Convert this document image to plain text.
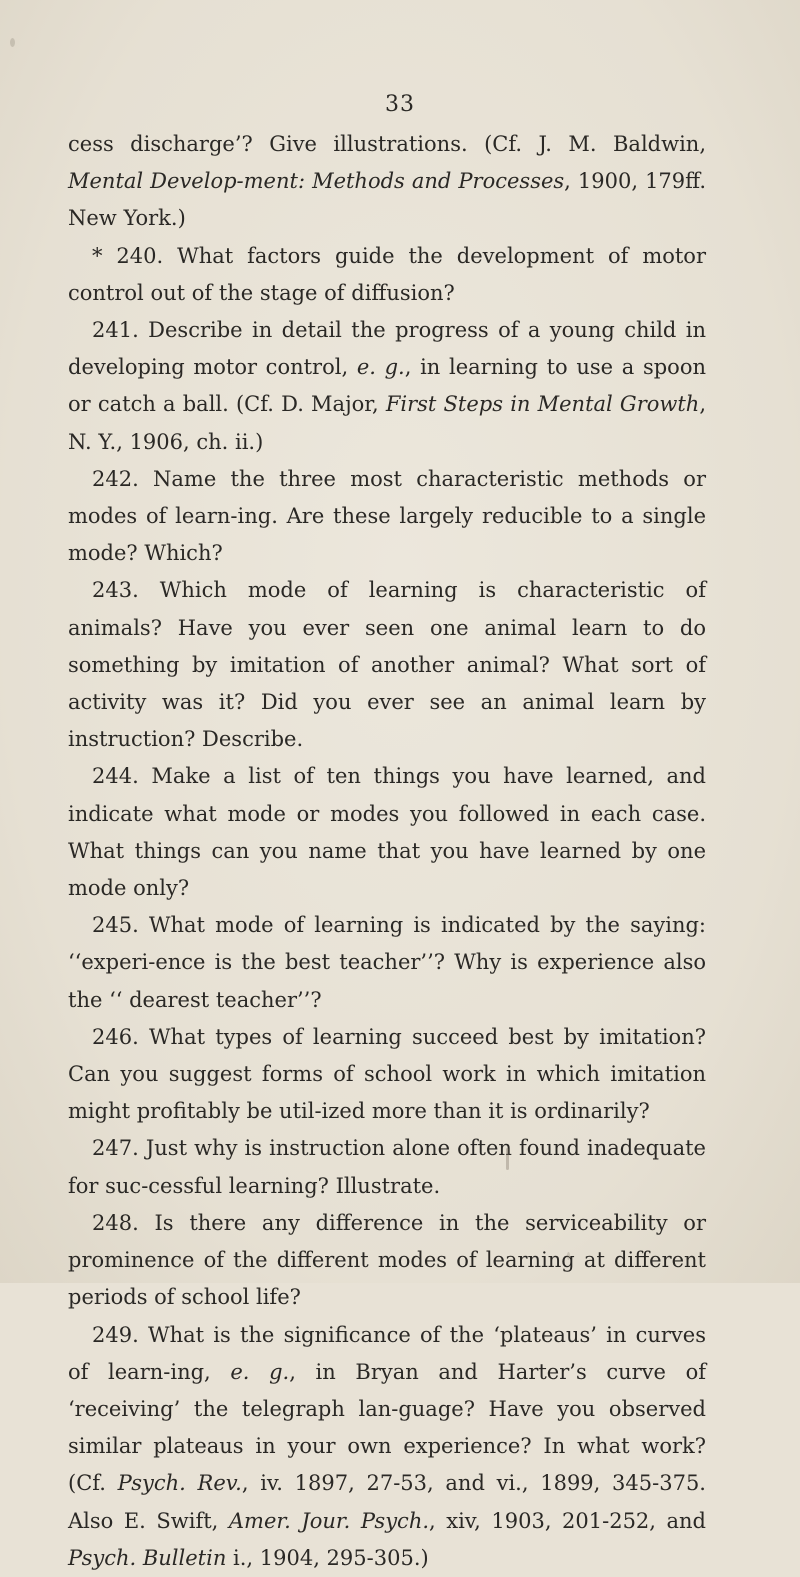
33

cess discharge’? Give illustrations. (Cf. J. M. Baldwin, Mental Develop-ment: Methods and Processes, 1900, 179ff. New York.)

* 240. What factors guide the development of motor control out of the stage of diffusion?

241. Describe in detail the progress of a young child in developing motor control, e. g., in learning to use a spoon or catch a ball. (Cf. D. Major, First Steps in Mental Growth, N. Y., 1906, ch. ii.)

242. Name the three most characteristic methods or modes of learn-ing. Are these largely reducible to a single mode? Which?

243. Which mode of learning is characteristic of animals? Have you ever seen one animal learn to do something by imitation of another animal? What sort of activity was it? Did you ever see an animal learn by instruction? Describe.

244. Make a list of ten things you have learned, and indicate what mode or modes you followed in each case. What things can you name that you have learned by one mode only?

245. What mode of learning is indicated by the saying: ‘‘experi-ence is the best teacher’’? Why is experience also the ‘‘ dearest teacher’’?

246. What types of learning succeed best by imitation? Can you suggest forms of school work in which imitation might profitably be util-ized more than it is ordinarily?

247. Just why is instruction alone often found inadequate for suc-cessful learning? Illustrate.

248. Is there any difference in the serviceability or prominence of the different modes of learning at different periods of school life?

249. What is the significance of the ‘plateaus’ in curves of learn-ing, e. g., in Bryan and Harter’s curve of ‘receiving’ the telegraph lan-guage? Have you observed similar plateaus in your own experience? In what work? (Cf. Psych. Rev., iv. 1897, 27-53, and vi., 1899, 345-375. Also E. Swift, Amer. Jour. Psych., xiv, 1903, 201-252, and Psych. Bulletin i., 1904, 295-305.)
